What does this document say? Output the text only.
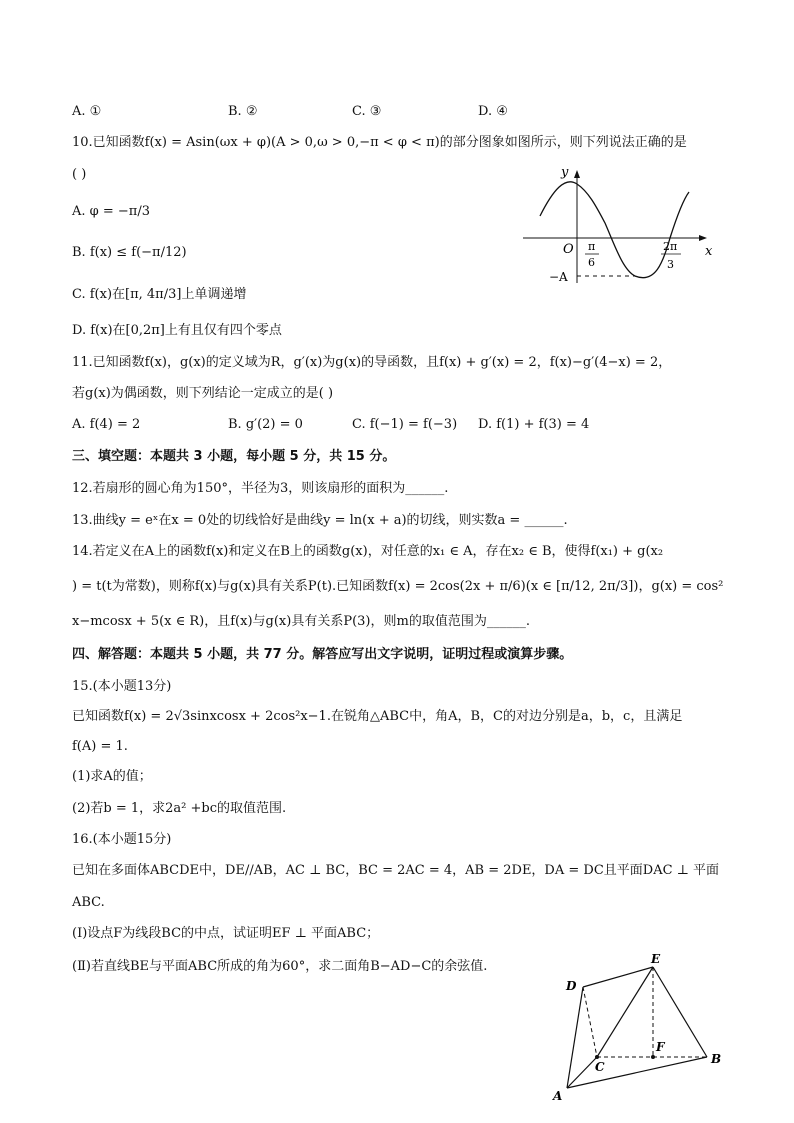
A. ①	B. ②	C. ③	D. ④
10.已知函数f(x) = Asin(ωx + φ)(A > 0,ω > 0,−π < φ < π)的部分图象如图所示，则下列说法正确的是
( )
A. φ = −π/3
B. f(x) ≤ f(−π/12)
C. f(x)在[π, 4π/3]上单调递增
D. f(x)在[0,2π]上有且仅有四个零点
y
x
O
−A
π
6
2π
3
11.已知函数f(x)，g(x)的定义域为R，g′(x)为g(x)的导函数，且f(x) + g′(x) = 2，f(x)−g′(4−x) = 2，
若g(x)为偶函数，则下列结论一定成立的是( )
A. f(4) = 2	B. g′(2) = 0	C. f(−1) = f(−3) D. f(1) + f(3) = 4
三、填空题：本题共 3 小题，每小题 5 分，共 15 分。
12.若扇形的圆心角为150°，半径为3，则该扇形的面积为______.
13.曲线y = eˣ在x = 0处的切线恰好是曲线y = ln(x + a)的切线，则实数a = ______.
14.若定义在A上的函数f(x)和定义在B上的函数g(x)，对任意的x₁ ∈ A，存在x₂ ∈ B，使得f(x₁) + g(x₂
) = t(t为常数)，则称f(x)与g(x)具有关系P(t).已知函数f(x) = 2cos(2x + π/6)(x ∈ [π/12, 2π/3])，g(x) = cos²
x−mcosx + 5(x ∈ R)，且f(x)与g(x)具有关系P(3)，则m的取值范围为______.
四、解答题：本题共 5 小题，共 77 分。解答应写出文字说明，证明过程或演算步骤。
15.(本小题13分)
已知函数f(x) = 2√3sinxcosx + 2cos²x−1.在锐角△ABC中，角A，B，C的对边分别是a，b，c，且满足
f(A) = 1.
(1)求A的值；
(2)若b = 1，求2a² +bc的取值范围.
16.(本小题15分)
已知在多面体ABCDE中，DE//AB，AC ⊥ BC，BC = 2AC = 4，AB = 2DE，DA = DC且平面DAC ⊥ 平面
ABC.
(Ⅰ)设点F为线段BC的中点，试证明EF ⊥ 平面ABC；
(Ⅱ)若直线BE与平面ABC所成的角为60°，求二面角B−AD−C的余弦值.
A
B
C
D
E
F
